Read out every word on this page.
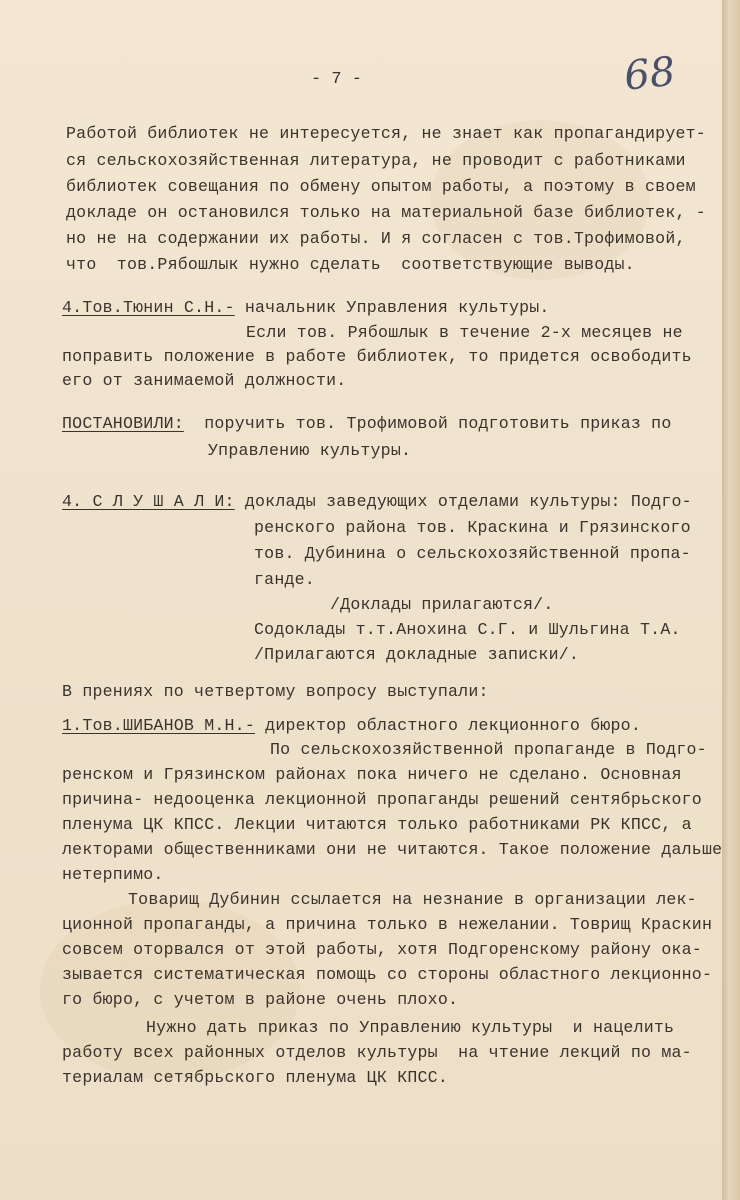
68
- 7 -
Работой библиотек не интересуется, не знает как пропагандирует-
ся сельскохозяйственная литература, не проводит с работниками
библиотек совещания по обмену опытом работы, а поэтому в своем
докладе он остановился только на материальной базе библиотек, -
но не на содержании их работы. И я согласен с тов.Трофимовой,
что  тов.Рябошлык нужно сделать  соответствующие выводы.
4.Тов.Тюнин С.Н.- начальник Управления культуры.
Если тов. Рябошлык в течение 2-х месяцев не
поправить положение в работе библиотек, то придется освободить
его от занимаемой должности.
ПОСТАНОВИЛИ:  поручить тов. Трофимовой подготовить приказ по
Управлению культуры.
4. С Л У Ш А Л И: доклады заведующих отделами культуры: Подго-
ренского района тов. Краскина и Грязинского
тов. Дубинина о сельскохозяйственной пропа-
ганде.
/Доклады прилагаются/.
Содоклады т.т.Анохина С.Г. и Шульгина Т.А.
/Прилагаются докладные записки/.
В прениях по четвертому вопросу выступали:
1.Тов.ШИБАНОВ М.Н.- директор областного лекционного бюро.
По сельскохозяйственной пропаганде в Подго-
ренском и Грязинском районах пока ничего не сделано. Основная
причина- недооценка лекционной пропаганды решений сентябрьского
пленума ЦК КПСС. Лекции читаются только работниками РК КПСС, а
лекторами общественниками они не читаются. Такое положение дальше
нетерпимо.
Товарищ Дубинин ссылается на незнание в организации лек-
ционной пропаганды, а причина только в нежелании. Товрищ Краскин
совсем оторвался от этой работы, хотя Подгоренскому району ока-
зывается систематическая помощь со стороны областного лекционно-
го бюро, с учетом в районе очень плохо.
Нужно дать приказ по Управлению культуры  и нацелить
работу всех районных отделов культуры  на чтение лекций по ма-
териалам сетябрьского пленума ЦК КПСС.
